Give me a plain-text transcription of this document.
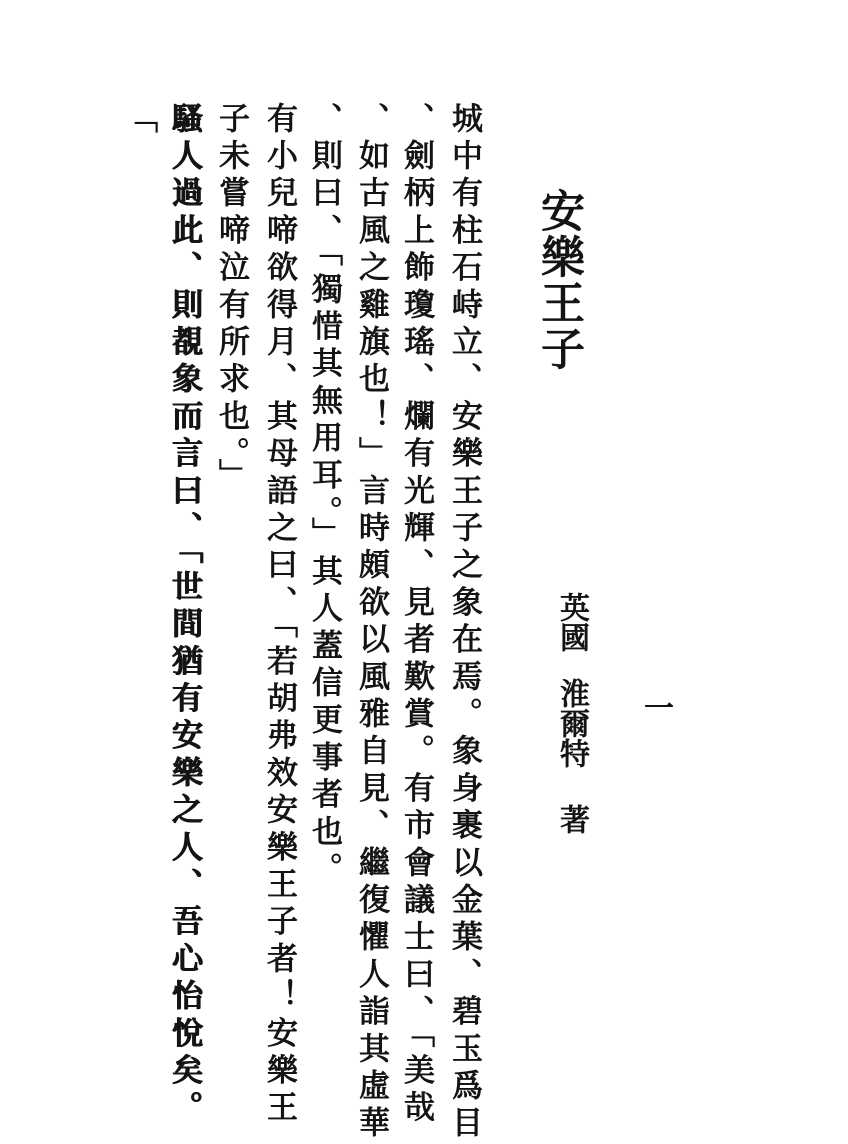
安樂王子
一
英國淮爾特著
城中有柱石峙立、安樂王子之象在焉。象身裹以金葉、碧玉爲目
、劍柄上飾瓊瑤、爛有光輝、見者歎賞。有市會議士曰、「美哉
、如古風之雞旗也！」言時頗欲以風雅自見、繼復懼人詣其虛華
、則曰、「獨惜其無用耳。」其人蓋信更事者也。
有小兒啼欲得月、其母語之曰、「若胡弗效安樂王子者！安樂王
子未嘗啼泣有所求也。」
騷人過此、則覩象而言曰、「世間猶有安樂之人、吾心怡悅矣。
「
